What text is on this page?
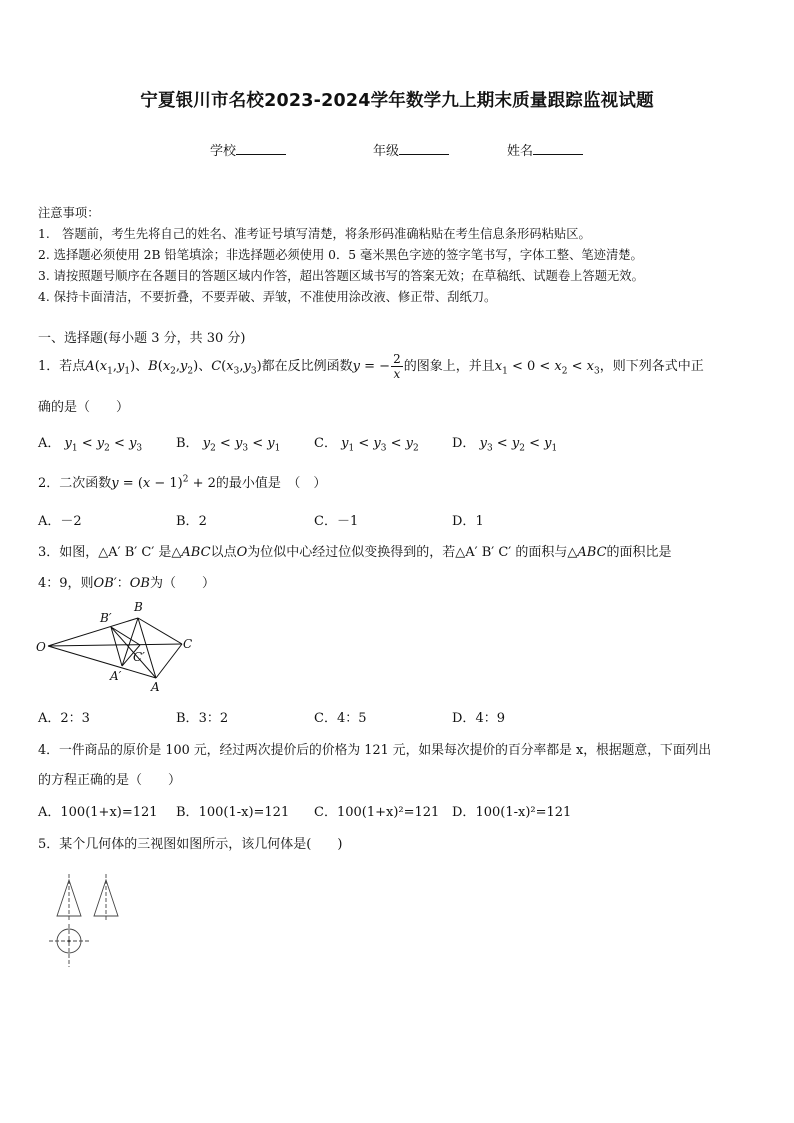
宁夏银川市名校2023-2024学年数学九上期末质量跟踪监视试题
学校	年级	姓名
注意事项：
1.　答题前，考生先将自己的姓名、准考证号填写清楚，将条形码准确粘贴在考生信息条形码粘贴区。
2. 选择题必须使用 2B 铅笔填涂；非选择题必须使用 0．5 毫米黑色字迹的签字笔书写，字体工整、笔迹清楚。
3. 请按照题号顺序在各题目的答题区域内作答，超出答题区域书写的答案无效；在草稿纸、试题卷上答题无效。
4. 保持卡面清洁，不要折叠，不要弄破、弄皱，不准使用涂改液、修正带、刮纸刀。
一、选择题(每小题 3 分，共 30 分)
1．若点$A(x_1,y_1)$、$B(x_2,y_2)$、$C(x_3,y_3)$都在反比例函数y = − $\frac{2}{x}$ 的图象上，并且$x_1 < 0 < x_2 < x_3$，则下列各式中正
确的是（　　）
A． $y_1 < y_2 < y_3$	B． $y_2 < y_3 < y_1$	C． $y_1 < y_3 < y_2$	D． $y_3 < y_2 < y_1$
2．二次函数$y = (x - 1)^2 + 2$的最小值是　（　）
A．－2	B．2	C．－1	D．1
3．如图，△A′ B′ C′ 是△ABC以点O为位似中心经过位似变换得到的，若△A′ B′ C′ 的面积与△ABC的面积比是
4：9，则OB′：OB为（　　）
O
B′
B
C
C′
A′
A
A．2：3	B．3：2	C．4：5	D．4：9
4．一件商品的原价是 100 元，经过两次提价后的价格为 121 元，如果每次提价的百分率都是 x，根据题意，下面列出
的方程正确的是（　　）
A．100(1+x)=121 B．100(1-x)=121 C．100(1+x)²=121 D．100(1-x)²=121
5．某个几何体的三视图如图所示，该几何体是(　　)
